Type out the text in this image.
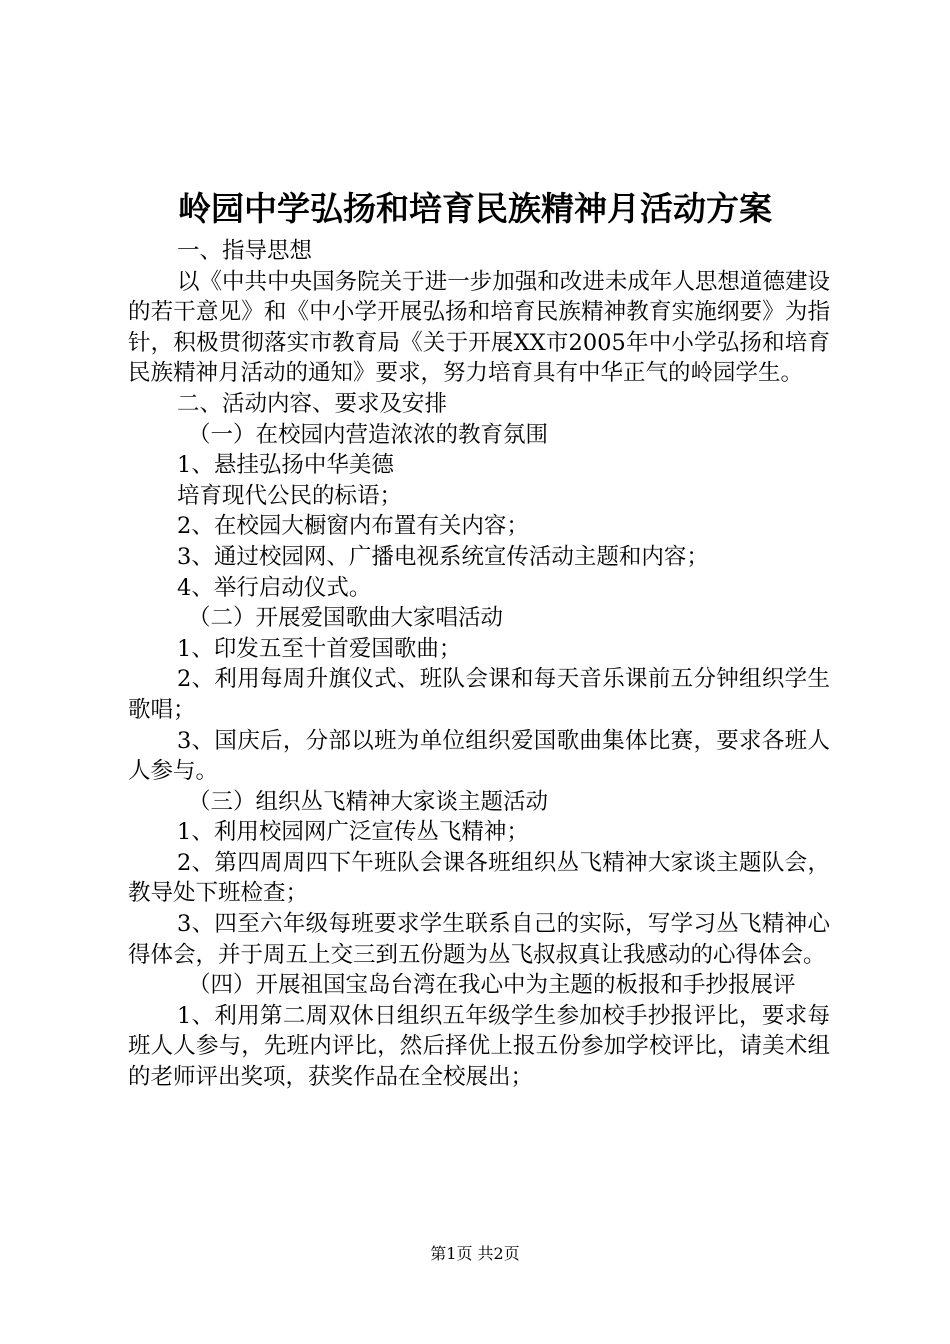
岭园中学弘扬和培育民族精神月活动方案

一、指导思想

以《中共中央国务院关于进一步加强和改进未成年人思想道德建设的若干意见》和《中小学开展弘扬和培育民族精神教育实施纲要》为指针，积极贯彻落实市教育局《关于开展XX市2005年中小学弘扬和培育民族精神月活动的通知》要求，努力培育具有中华正气的岭园学生。

二、活动内容、要求及安排

（一）在校园内营造浓浓的教育氛围

1、悬挂弘扬中华美德

培育现代公民的标语；

2、在校园大橱窗内布置有关内容；

3、通过校园网、广播电视系统宣传活动主题和内容；

4、举行启动仪式。

（二）开展爱国歌曲大家唱活动

1、印发五至十首爱国歌曲；

2、利用每周升旗仪式、班队会课和每天音乐课前五分钟组织学生歌唱；

3、国庆后，分部以班为单位组织爱国歌曲集体比赛，要求各班人人参与。

（三）组织丛飞精神大家谈主题活动

1、利用校园网广泛宣传丛飞精神；

2、第四周周四下午班队会课各班组织丛飞精神大家谈主题队会，教导处下班检查；

3、四至六年级每班要求学生联系自己的实际，写学习丛飞精神心得体会，并于周五上交三到五份题为丛飞叔叔真让我感动的心得体会。

（四）开展祖国宝岛台湾在我心中为主题的板报和手抄报展评

1、利用第二周双休日组织五年级学生参加校手抄报评比，要求每班人人参与，先班内评比，然后择优上报五份参加学校评比，请美术组的老师评出奖项，获奖作品在全校展出；

第1页 共2页
